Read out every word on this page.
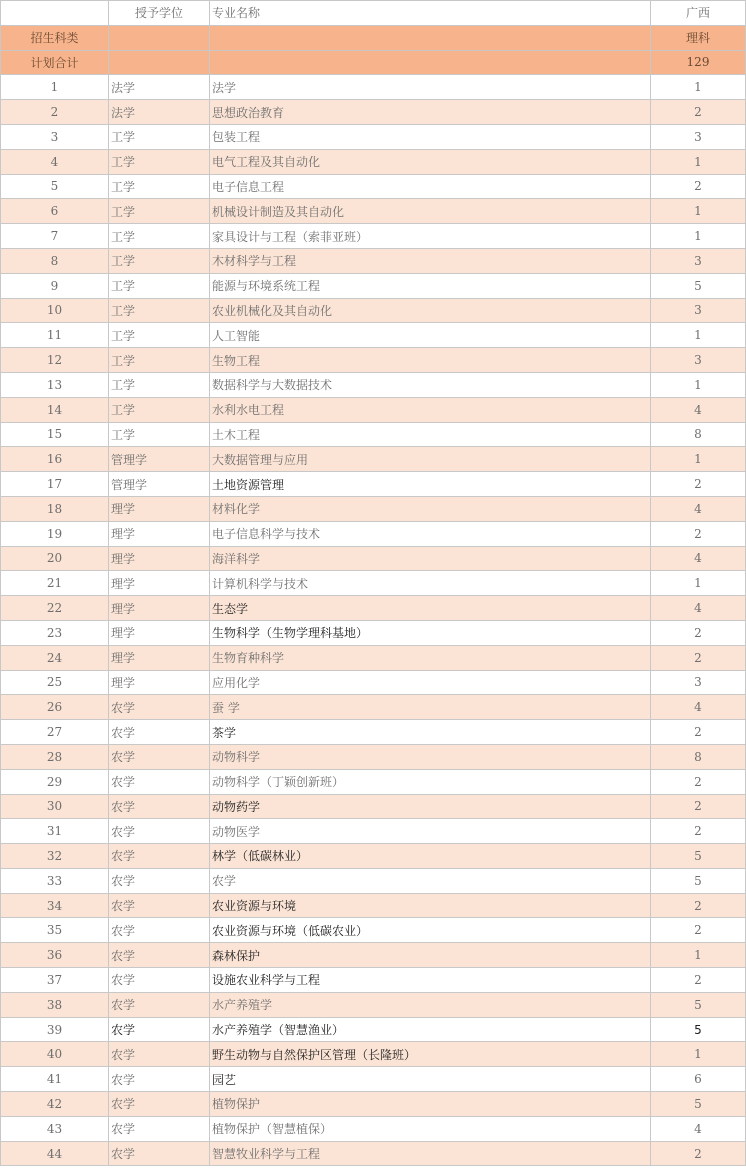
	授予学位	专业名称	广西
招生科类			理科
计划合计			129
1	法学	法学	1
2	法学	思想政治教育	2
3	工学	包装工程	3
4	工学	电气工程及其自动化	1
5	工学	电子信息工程	2
6	工学	机械设计制造及其自动化	1
7	工学	家具设计与工程（索菲亚班）	1
8	工学	木材科学与工程	3
9	工学	能源与环境系统工程	5
10	工学	农业机械化及其自动化	3
11	工学	人工智能	1
12	工学	生物工程	3
13	工学	数据科学与大数据技术	1
14	工学	水利水电工程	4
15	工学	土木工程	8
16	管理学	大数据管理与应用	1
17	管理学	土地资源管理	2
18	理学	材料化学	4
19	理学	电子信息科学与技术	2
20	理学	海洋科学	4
21	理学	计算机科学与技术	1
22	理学	生态学	4
23	理学	生物科学（生物学理科基地）	2
24	理学	生物育种科学	2
25	理学	应用化学	3
26	农学	蚕 学	4
27	农学	茶学	2
28	农学	动物科学	8
29	农学	动物科学（丁颖创新班）	2
30	农学	动物药学	2
31	农学	动物医学	2
32	农学	林学（低碳林业）	5
33	农学	农学	5
34	农学	农业资源与环境	2
35	农学	农业资源与环境（低碳农业）	2
36	农学	森林保护	1
37	农学	设施农业科学与工程	2
38	农学	水产养殖学	5
39	农学	水产养殖学（智慧渔业）	5
40	农学	野生动物与自然保护区管理（长隆班）	1
41	农学	园艺	6
42	农学	植物保护	5
43	农学	植物保护（智慧植保）	4
44	农学	智慧牧业科学与工程	2
